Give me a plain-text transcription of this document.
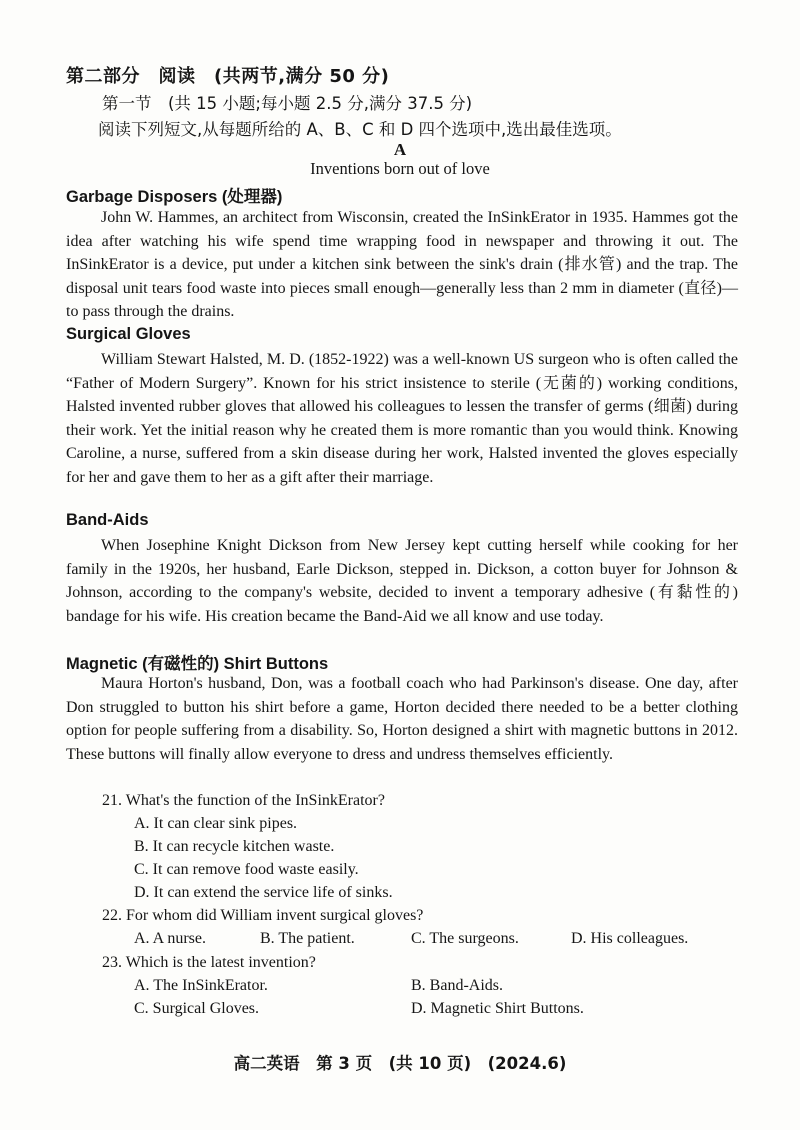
第二部分　阅读　(共两节,满分 50 分)
第一节　(共 15 小题;每小题 2.5 分,满分 37.5 分)
阅读下列短文,从每题所给的 A、B、C 和 D 四个选项中,选出最佳选项。
A
Inventions born out of love
Garbage Disposers (处理器)
John W. Hammes, an architect from Wisconsin, created the InSinkErator in 1935. Hammes got the idea after watching his wife spend time wrapping food in newspaper and throwing it out. The InSinkErator is a device, put under a kitchen sink between the sink's drain (排水管) and the trap. The disposal unit tears food waste into pieces small enough—generally less than 2 mm in diameter (直径)—to pass through the drains.
Surgical Gloves
William Stewart Halsted, M. D. (1852-1922) was a well-known US surgeon who is often called the “Father of Modern Surgery”. Known for his strict insistence to sterile (无菌的) working conditions, Halsted invented rubber gloves that allowed his colleagues to lessen the transfer of germs (细菌) during their work. Yet the initial reason why he created them is more romantic than you would think. Knowing Caroline, a nurse, suffered from a skin disease during her work, Halsted invented the gloves especially for her and gave them to her as a gift after their marriage.
Band-Aids
When Josephine Knight Dickson from New Jersey kept cutting herself while cooking for her family in the 1920s, her husband, Earle Dickson, stepped in. Dickson, a cotton buyer for Johnson & Johnson, according to the company's website, decided to invent a temporary adhesive (有黏性的) bandage for his wife. His creation became the Band-Aid we all know and use today.
Magnetic (有磁性的) Shirt Buttons
Maura Horton's husband, Don, was a football coach who had Parkinson's disease. One day, after Don struggled to button his shirt before a game, Horton decided there needed to be a better clothing option for people suffering from a disability. So, Horton designed a shirt with magnetic buttons in 2012. These buttons will finally allow everyone to dress and undress themselves efficiently.
21. What's the function of the InSinkErator?
A. It can clear sink pipes.
B. It can recycle kitchen waste.
C. It can remove food waste easily.
D. It can extend the service life of sinks.
22. For whom did William invent surgical gloves?
A. A nurse.	B. The patient.	C. The surgeons.	D. His colleagues.
23. Which is the latest invention?
A. The InSinkErator.	B. Band-Aids.
C. Surgical Gloves.	D. Magnetic Shirt Buttons.
高二英语　第 3 页　(共 10 页)　(2024.6)
